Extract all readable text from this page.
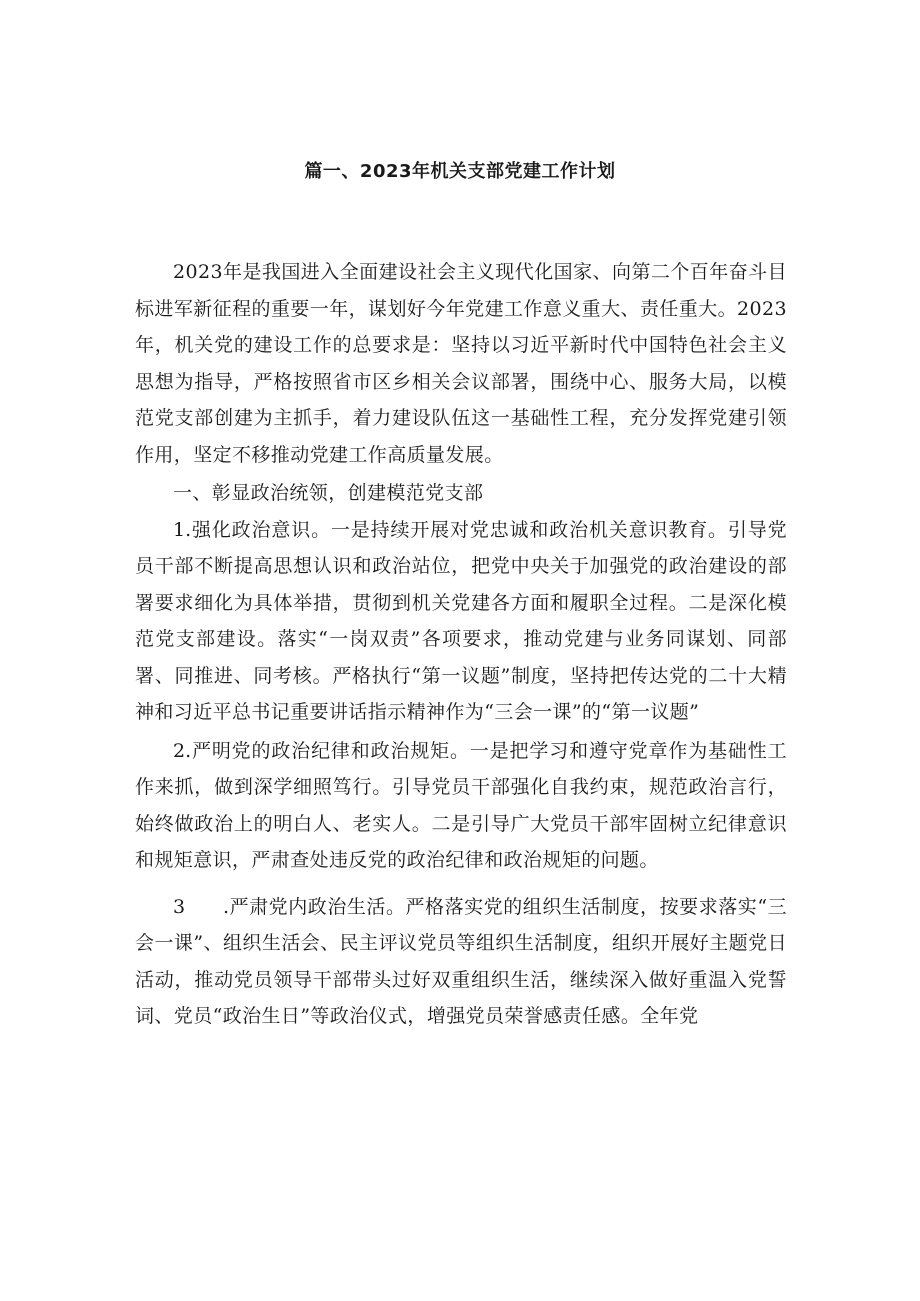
篇一、2023年机关支部党建工作计划

2023年是我国进入全面建设社会主义现代化国家、向第二个百年奋斗目标进军新征程的重要一年，谋划好今年党建工作意义重大、责任重大。2023年，机关党的建设工作的总要求是：坚持以习近平新时代中国特色社会主义思想为指导，严格按照省市区乡相关会议部署，围绕中心、服务大局，以模范党支部创建为主抓手，着力建设队伍这一基础性工程，充分发挥党建引领作用，坚定不移推动党建工作高质量发展。

一、彰显政治统领，创建模范党支部

1.强化政治意识。一是持续开展对党忠诚和政治机关意识教育。引导党员干部不断提高思想认识和政治站位，把党中央关于加强党的政治建设的部署要求细化为具体举措，贯彻到机关党建各方面和履职全过程。二是深化模范党支部建设。落实“一岗双责”各项要求，推动党建与业务同谋划、同部署、同推进、同考核。严格执行“第一议题”制度，坚持把传达党的二十大精神和习近平总书记重要讲话指示精神作为“三会一课”的“第一议题”

2.严明党的政治纪律和政治规矩。一是把学习和遵守党章作为基础性工作来抓，做到深学细照笃行。引导党员干部强化自我约束，规范政治言行，始终做政治上的明白人、老实人。二是引导广大党员干部牢固树立纪律意识和规矩意识，严肃查处违反党的政治纪律和政治规矩的问题。

3 .严肃党内政治生活。严格落实党的组织生活制度，按要求落实“三会一课”、组织生活会、民主评议党员等组织生活制度，组织开展好主题党日活动，推动党员领导干部带头过好双重组织生活，继续深入做好重温入党誓词、党员“政治生日”等政治仪式，增强党员荣誉感责任感。全年党
